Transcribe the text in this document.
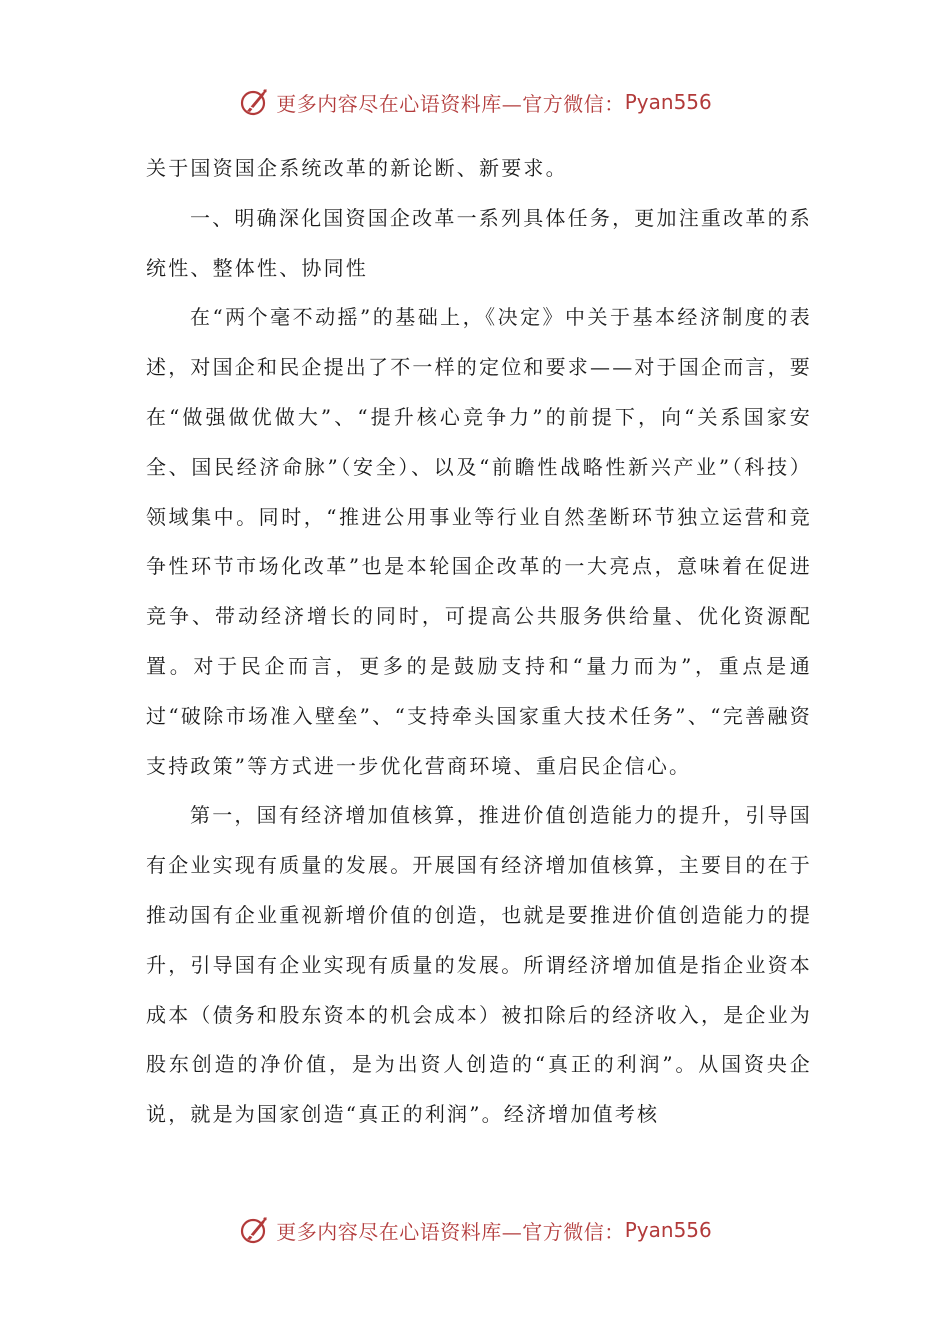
更多内容尽在心语资料库—官方微信： Pyan556

关于国资国企系统改革的新论断、新要求。

一、明确深化国资国企改革一系列具体任务，更加注重改革的系统性、整体性、协同性

在“两个毫不动摇”的基础上，《决定》中关于基本经济制度的表述，对国企和民企提出了不一样的定位和要求——对于国企而言，要在“做强做优做大”、“提升核心竞争力”的前提下，向“关系国家安全、国民经济命脉”（安全）、以及“前瞻性战略性新兴产业”（科技）领域集中。同时，“推进公用事业等行业自然垄断环节独立运营和竞争性环节市场化改革”也是本轮国企改革的一大亮点，意味着在促进竞争、带动经济增长的同时，可提高公共服务供给量、优化资源配置。对于民企而言，更多的是鼓励支持和“量力而为”，重点是通过“破除市场准入壁垒”、“支持牵头国家重大技术任务”、“完善融资支持政策”等方式进一步优化营商环境、重启民企信心。

第一，国有经济增加值核算，推进价值创造能力的提升，引导国有企业实现有质量的发展。开展国有经济增加值核算，主要目的在于推动国有企业重视新增价值的创造，也就是要推进价值创造能力的提升，引导国有企业实现有质量的发展。所谓经济增加值是指企业资本成本（债务和股东资本的机会成本）被扣除后的经济收入，是企业为股东创造的净价值，是为出资人创造的“真正的利润”。从国资央企说，就是为国家创造“真正的利润”。经济增加值考核

更多内容尽在心语资料库—官方微信： Pyan556
